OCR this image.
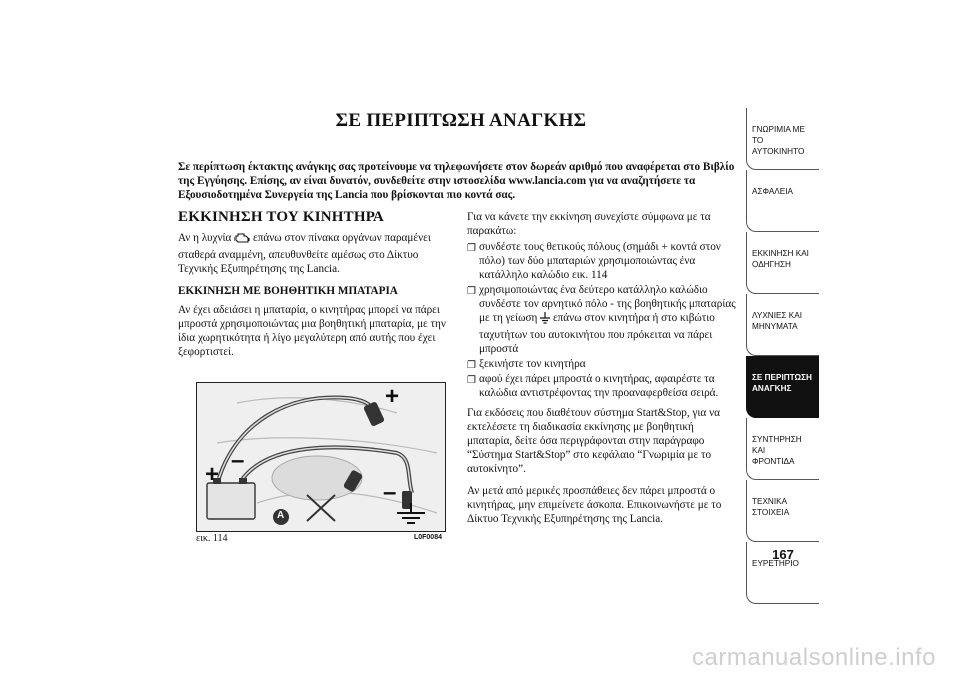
ΣΕ ΠΕΡΙΠΤΩΣΗ ΑΝΑΓΚΗΣ

Σε περίπτωση έκτακτης ανάγκης σας προτείνουμε να τηλεφωνήσετε στον δωρεάν αριθμό που αναφέρεται στο Βιβλίο της Εγγύησης. Επίσης, αν είναι δυνατόν, συνδεθείτε στην ιστοσελίδα www.lancia.com για να αναζητήσετε τα Εξουσιοδοτημένα Συνεργεία της Lancia που βρίσκονται πιο κοντά σας.

ΕΚΚΙΝΗΣΗ ΤΟΥ ΚΙΝΗΤΗΡΑ

Αν η λυχνία επάνω στον πίνακα οργάνων παραμένει σταθερά αναμμένη, απευθυνθείτε αμέσως στο Δίκτυο Τεχνικής Εξυπηρέτησης της Lancia.

ΕΚΚΙΝΗΣΗ ΜΕ ΒΟΗΘΗΤΙΚΗ ΜΠΑΤΑΡΙΑ

Αν έχει αδειάσει η μπαταρία, ο κινητήρας μπορεί να πάρει μπροστά χρησιμοποιώντας μια βοηθητική μπαταρία, με την ίδια χωρητικότητα ή λίγο μεγαλύτερη από αυτής που έχει ξεφορτιστεί.

A
+
–
+
–
εικ. 114	L0F0084

Για να κάνετε την εκκίνηση συνεχίστε σύμφωνα με τα παρακάτω:

❐ συνδέστε τους θετικούς πόλους (σημάδι + κοντά στον πόλο) των δύο μπαταριών χρησιμοποιώντας ένα κατάλληλο καλώδιο εικ. 114
❐ χρησιμοποιώντας ένα δεύτερο κατάλληλο καλώδιο συνδέστε τον αρνητικό πόλο - της βοηθητικής μπαταρίας με τη γείωση επάνω στον κινητήρα ή στο κιβώτιο ταχυτήτων του αυτοκινήτου που πρόκειται να πάρει μπροστά
❐ ξεκινήστε τον κινητήρα
❐ αφού έχει πάρει μπροστά ο κινητήρας, αφαιρέστε τα καλώδια αντιστρέφοντας την προαναφερθείσα σειρά.

Για εκδόσεις που διαθέτουν σύστημα Start&Stop, για να εκτελέσετε τη διαδικασία εκκίνησης με βοηθητική μπαταρία, δείτε όσα περιγράφονται στην παράγραφο “Σύστημα Start&Stop” στο κεφάλαιο “Γνωριμία με το αυτοκίνητο”.

Αν μετά από μερικές προσπάθειες δεν πάρει μπροστά ο κινητήρας, μην επιμείνετε άσκοπα. Επικοινωνήστε με το Δίκτυο Τεχνικής Εξυπηρέτησης της Lancia.

ΓΝΩΡΙΜΙΑ ΜΕ ΤΟ
ΑΥΤΟΚΙΝΗΤΟ
ΑΣΦΑΛΕΙΑ

ΕΚΚΙΝΗΣΗ ΚΑΙ
ΟΔΗΓΗΣΗ
ΛΥΧΝΙΕΣ ΚΑΙ
ΜΗΝΥΜΑΤΑ
ΣΕ ΠΕΡΙΠΤΩΣΗ
ΑΝΑΓΚΗΣ
ΣΥΝΤΗΡΗΣΗ ΚΑΙ
ΦΡΟΝΤΙΔΑ
ΤΕΧΝΙΚΑ ΣΤΟΙΧΕΙΑ

ΕΥΡΕΤΗΡΙΟ

167
carmanualsonline.info
